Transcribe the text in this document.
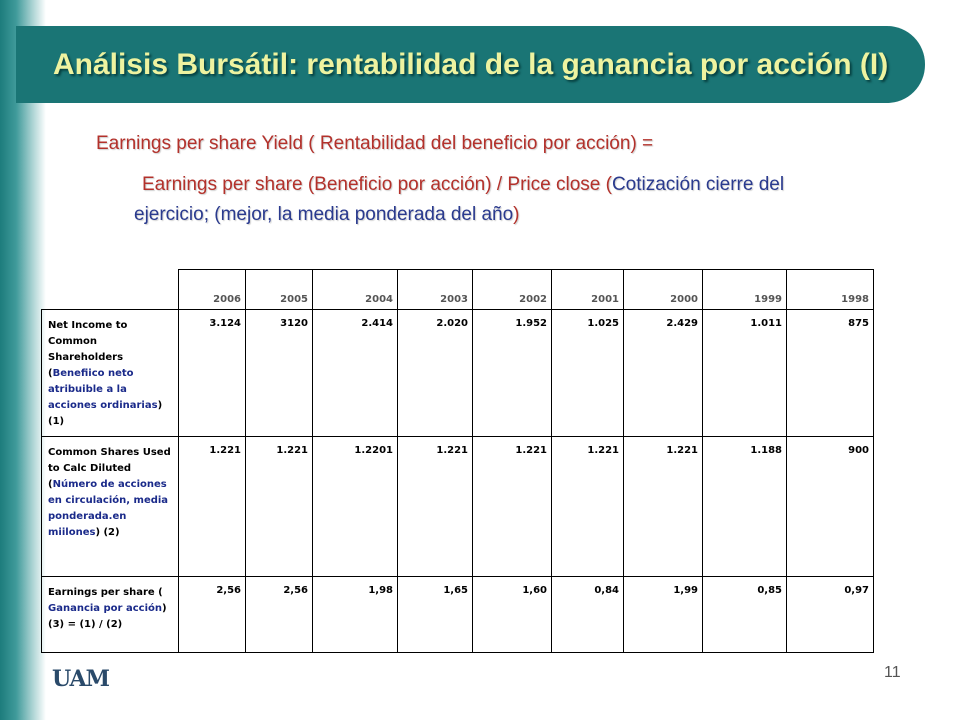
Análisis Bursátil: rentabilidad de la ganancia por acción (I)
Earnings per share Yield ( Rentabilidad del beneficio por acción) =
Earnings per share (Beneficio por acción) / Price close (Cotización cierre del ejercicio; (mejor, la media ponderada del año)
	2006	2005	2004	2003	2002	2001	2000	1999	1998
Net Income to Common Shareholders (Benefiico neto atribuible a la acciones ordinarias) (1)	3.124	3120	2.414	2.020	1.952	1.025	2.429	1.011	875
Common Shares Used to Calc Diluted (Número de acciones en circulación, media ponderada.en miilones) (2)	1.221	1.221	1.2201	1.221	1.221	1.221	1.221	1.188	900
Earnings per share ( Ganancia por acción) (3) = (1) / (2)	2,56	2,56	1,98	1,65	1,60	0,84	1,99	0,85	0,97
UAM	11
